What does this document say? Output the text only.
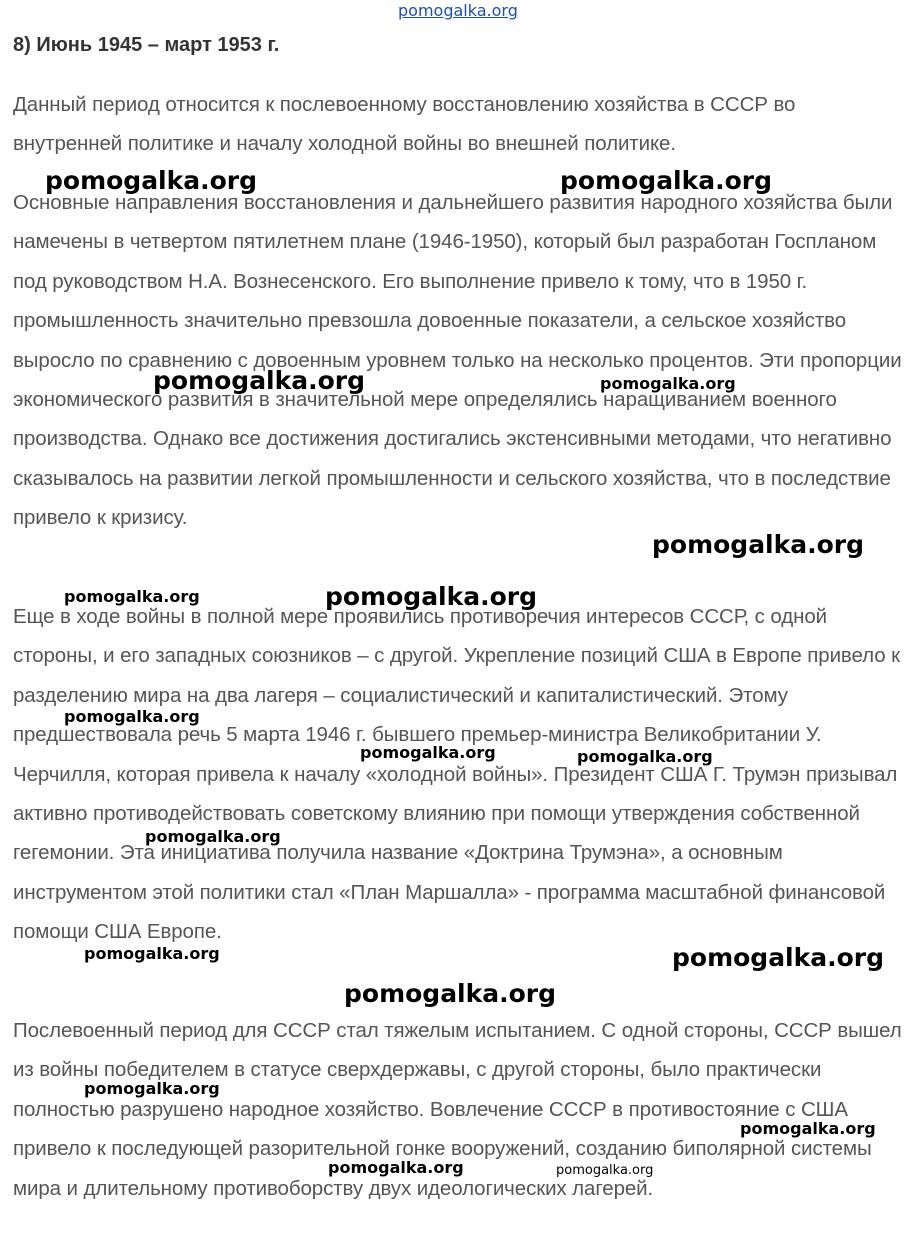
pomogalka.org
8) Июнь 1945 – март 1953 г.

Данный период относится к послевоенному восстановлению хозяйства в СССР во внутренней политике и началу холодной войны во внешней политике.

Основные направления восстановления и дальнейшего развития народного хозяйства были намечены в четвертом пятилетнем плане (1946-1950), который был разработан Госпланом под руководством Н.А. Вознесенского. Его выполнение привело к тому, что в 1950 г. промышленность значительно превзошла довоенные показатели, а сельское хозяйство выросло по сравнению с довоенным уровнем только на несколько процентов. Эти пропорции экономического развития в значительной мере определялись наращиванием военного производства. Однако все достижения достигались экстенсивными методами, что негативно сказывалось на развитии легкой промышленности и сельского хозяйства, что в последствие привело к кризису.

Еще в ходе войны в полной мере проявились противоречия интересов СССР, с одной стороны, и его западных союзников – с другой. Укрепление позиций США в Европе привело к разделению мира на два лагеря – социалистический и капиталистический. Этому предшествовала речь 5 марта 1946 г. бывшего премьер-министра Великобритании У. Черчилля, которая привела к началу «холодной войны». Президент США Г. Трумэн призывал активно противодействовать советскому влиянию при помощи утверждения собственной гегемонии. Эта инициатива получила название «Доктрина Трумэна», а основным инструментом этой политики стал «План Маршалла» - программа масштабной финансовой помощи США Европе.

Послевоенный период для СССР стал тяжелым испытанием. С одной стороны, СССР вышел из войны победителем в статусе сверхдержавы, с другой стороны, было практически полностью разрушено народное хозяйство. Вовлечение СССР в противостояние с США привело к последующей разорительной гонке вооружений, созданию биполярной системы мира и длительному противоборству двух идеологических лагерей.

pomogalka.org	pomogalka.org
pomogalka.org	pomogalka.org
pomogalka.org
pomogalka.org	pomogalka.org
pomogalka.org
pomogalka.org	pomogalka.org
pomogalka.org
pomogalka.org	pomogalka.org
pomogalka.org
pomogalka.org
pomogalka.org
pomogalka.org	pomogalka.org
